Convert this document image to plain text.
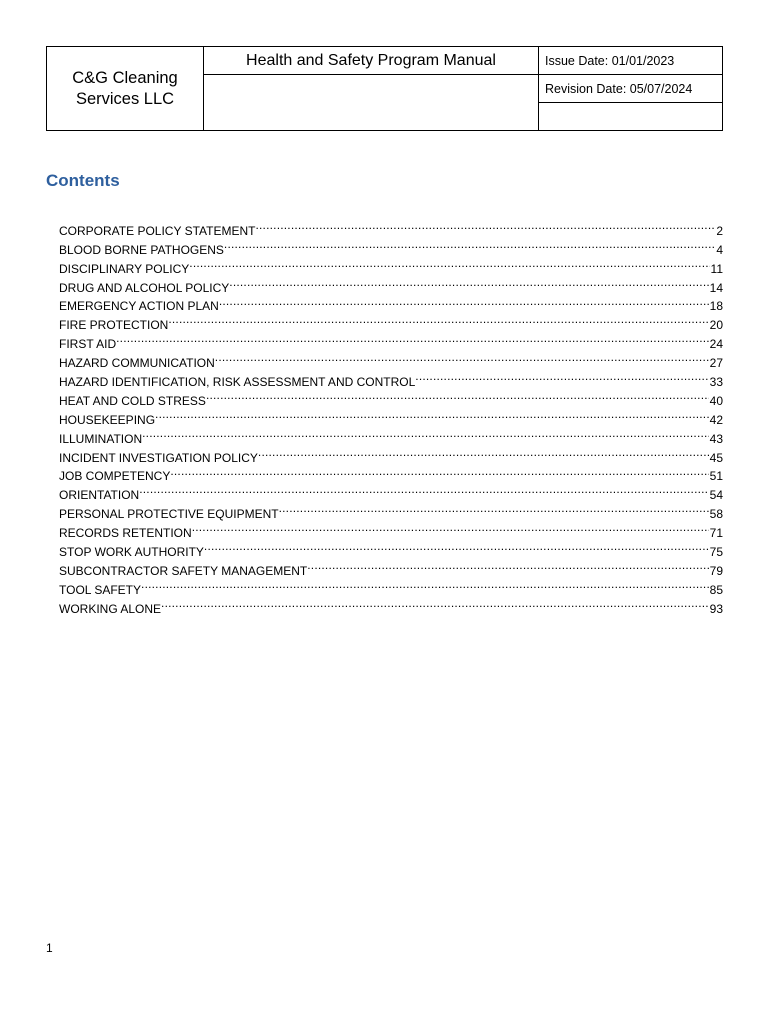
C&G Cleaning Services LLC	Health and Safety Program Manual	Issue Date: 01/01/2023
		Revision Date: 05/07/2024

Contents
CORPORATE POLICY STATEMENT .....	2
BLOOD BORNE PATHOGENS .....	4
DISCIPLINARY POLICY .....	11
DRUG AND ALCOHOL POLICY .....	14
EMERGENCY ACTION PLAN .....	18
FIRE PROTECTION .....	20
FIRST AID .....	24
HAZARD COMMUNICATION .....	27
HAZARD IDENTIFICATION, RISK ASSESSMENT AND CONTROL .....	33
HEAT AND COLD STRESS .....	40
HOUSEKEEPING .....	42
ILLUMINATION .....	43
INCIDENT INVESTIGATION POLICY .....	45
JOB COMPETENCY .....	51
ORIENTATION .....	54
PERSONAL PROTECTIVE EQUIPMENT .....	58
RECORDS RETENTION .....	71
STOP WORK AUTHORITY .....	75
SUBCONTRACTOR SAFETY MANAGEMENT .....	79
TOOL SAFETY .....	85
WORKING ALONE .....	93
1
